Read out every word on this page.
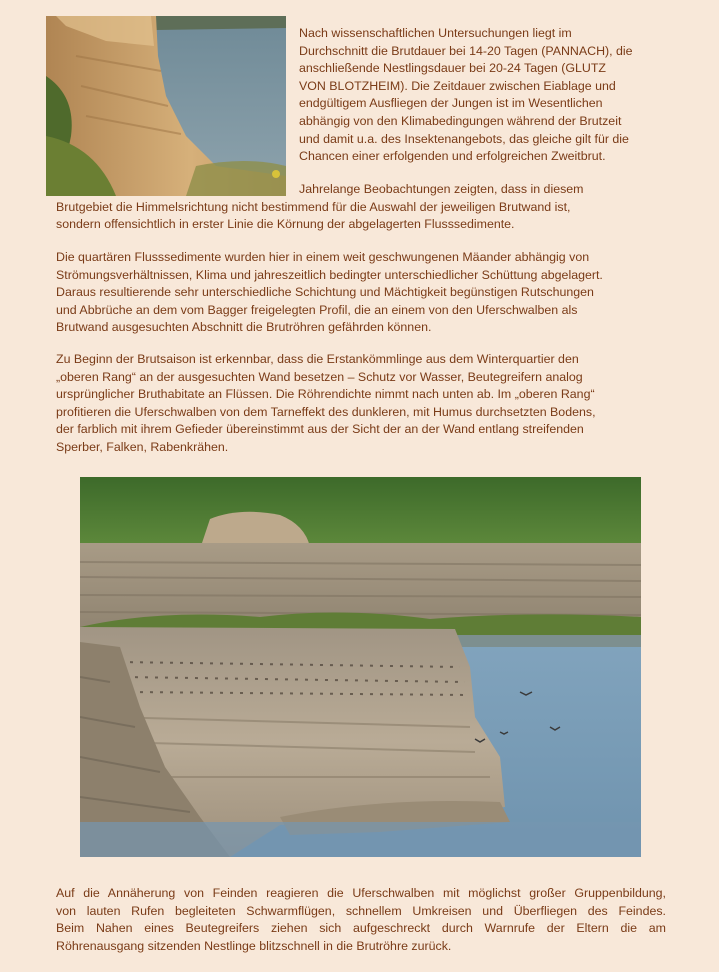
Nach wissenschaftlichen Untersuchungen liegt im
Durchschnitt die Brutdauer bei 14-20 Tagen (PANNACH), die
anschließende Nestlingsdauer bei 20-24 Tagen (GLUTZ
VON BLOTZHEIM). Die Zeitdauer zwischen Eiablage und
endgültigem Ausfliegen der Jungen ist im Wesentlichen
abhängig von den Klimabedingungen während der Brutzeit
und damit u.a. des Insektenangebots, das gleiche gilt für die
Chancen einer erfolgenden und erfolgreichen Zweitbrut.
Jahrelange Beobachtungen zeigten, dass in diesem
Brutgebiet die Himmelsrichtung nicht bestimmend für die Auswahl der jeweiligen Brutwand ist,
sondern offensichtlich in erster Linie die Körnung der abgelagerten Flusssedimente.
Die quartären Flusssedimente wurden hier in einem weit geschwungenen Mäander abhängig von
Strömungsverhältnissen, Klima und jahreszeitlich bedingter unterschiedlicher Schüttung abgelagert.
Daraus resultierende sehr unterschiedliche Schichtung und Mächtigkeit begünstigen Rutschungen
und Abbrüche an dem vom Bagger freigelegten Profil, die an einem von den Uferschwalben als
Brutwand ausgesuchten Abschnitt die Brutröhren gefährden können.
Zu Beginn der Brutsaison ist erkennbar, dass die Erstankömmlinge aus dem Winterquartier den
„oberen Rang“ an der ausgesuchten Wand besetzen – Schutz vor Wasser, Beutegreifern analog
ursprünglicher Bruthabitate an Flüssen. Die Röhrendichte nimmt nach unten ab. Im „oberen Rang“
profitieren die Uferschwalben von dem Tarneffekt des dunkleren, mit Humus durchsetzten Bodens,
der farblich mit ihrem Gefieder übereinstimmt aus der Sicht der an der Wand entlang streifenden
Sperber, Falken, Rabenkrähen.
Auf die Annäherung von Feinden reagieren die Uferschwalben mit möglichst großer Gruppenbildung,
von lauten Rufen begleiteten Schwarmflügen, schnellem Umkreisen und Überfliegen des Feindes.
Beim Nahen eines Beutegreifers ziehen sich aufgeschreckt durch Warnrufe der Eltern die am
Röhrenausgang sitzenden Nestlinge blitzschnell in die Brutröhre zurück.
